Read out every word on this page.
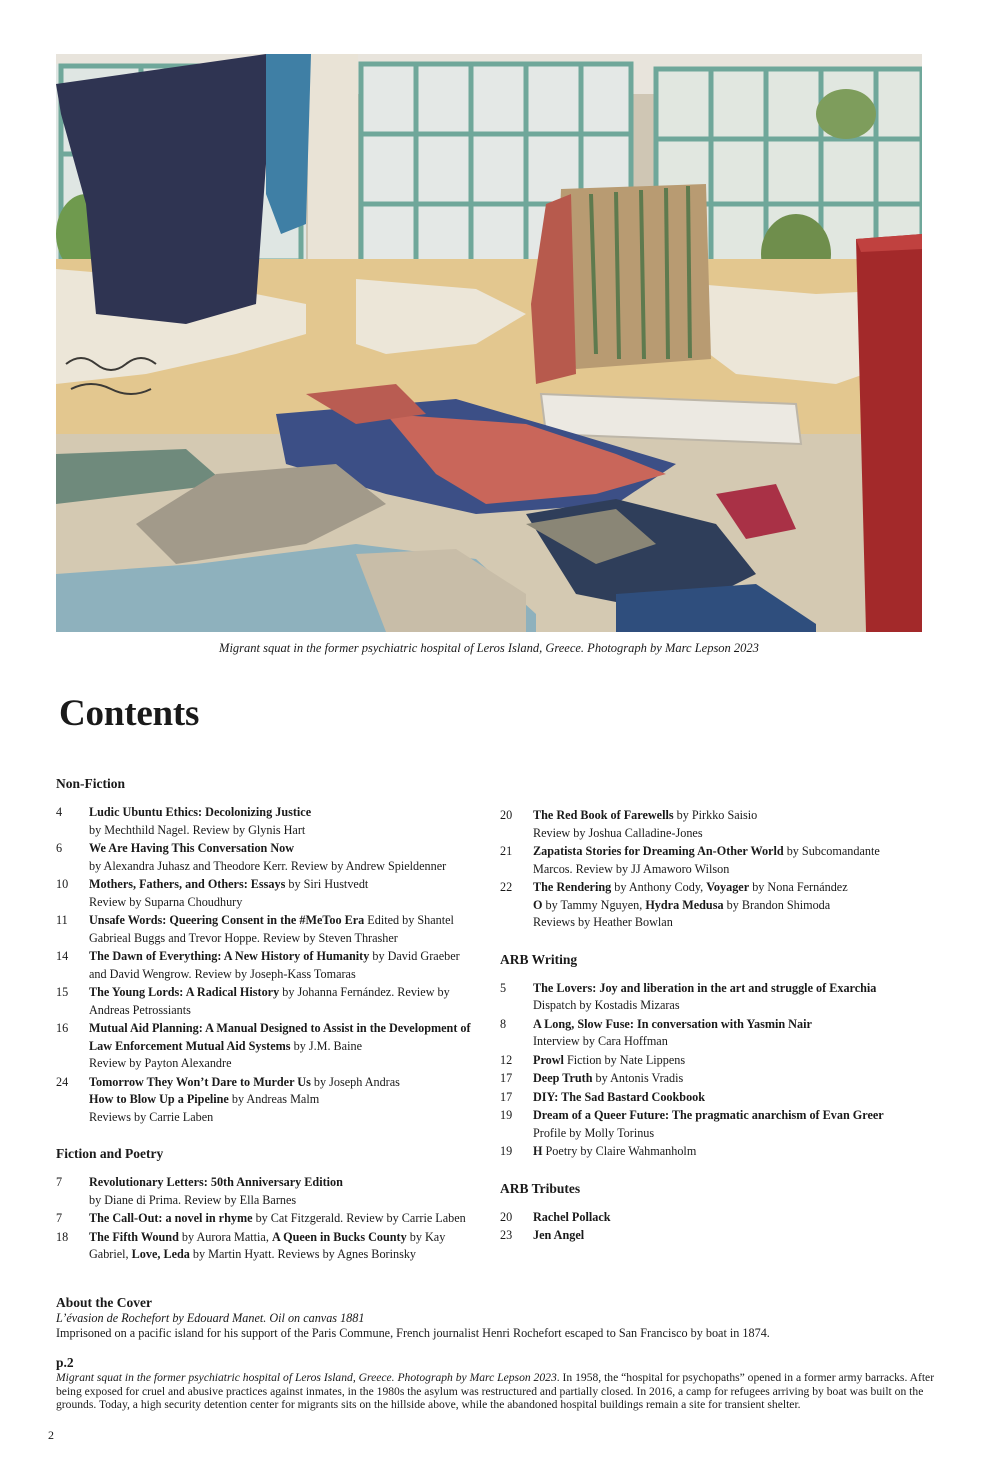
Migrant squat in the former psychiatric hospital of Leros Island, Greece. Photograph by Marc Lepson 2023
Contents
Non-Fiction
4	Ludic Ubuntu Ethics: Decolonizing Justice
by Mechthild Nagel. Review by Glynis Hart
6	We Are Having This Conversation Now
by Alexandra Juhasz and Theodore Kerr. Review by Andrew Spieldenner
10	Mothers, Fathers, and Others: Essays by Siri Hustvedt
Review by Suparna Choudhury
11	Unsafe Words: Queering Consent in the #MeToo Era Edited by Shantel
Gabrieal Buggs and Trevor Hoppe. Review by Steven Thrasher
14	The Dawn of Everything: A New History of Humanity by David Graeber
and David Wengrow. Review by Joseph-Kass Tomaras
15	The Young Lords: A Radical History by Johanna Fernández. Review by
Andreas Petrossiants
16	Mutual Aid Planning: A Manual Designed to Assist in the Development of
Law Enforcement Mutual Aid Systems by J.M. Baine
Review by Payton Alexandre
24	Tomorrow They Won’t Dare to Murder Us by Joseph Andras
How to Blow Up a Pipeline by Andreas Malm
Reviews by Carrie Laben
Fiction and Poetry
7	Revolutionary Letters: 50th Anniversary Edition
by Diane di Prima. Review by Ella Barnes
7	The Call-Out: a novel in rhyme by Cat Fitzgerald. Review by Carrie Laben
18	The Fifth Wound by Aurora Mattia, A Queen in Bucks County by Kay
Gabriel, Love, Leda by Martin Hyatt. Reviews by Agnes Borinsky
20	The Red Book of Farewells by Pirkko Saisio
Review by Joshua Calladine-Jones
21	Zapatista Stories for Dreaming An-Other World by Subcomandante
Marcos. Review by JJ Amaworo Wilson
22	The Rendering by Anthony Cody, Voyager by Nona Fernández
O by Tammy Nguyen, Hydra Medusa by Brandon Shimoda
Reviews by Heather Bowlan
ARB Writing
5	The Lovers: Joy and liberation in the art and struggle of Exarchia
Dispatch by Kostadis Mizaras
8	A Long, Slow Fuse: In conversation with Yasmin Nair
Interview by Cara Hoffman
12	Prowl Fiction by Nate Lippens
17	Deep Truth by Antonis Vradis
17	DIY: The Sad Bastard Cookbook
19	Dream of a Queer Future: The pragmatic anarchism of Evan Greer
Profile by Molly Torinus
19	H Poetry by Claire Wahmanholm
ARB Tributes
20	Rachel Pollack
23	Jen Angel
About the Cover
L’évasion de Rochefort by Edouard Manet. Oil on canvas 1881
Imprisoned on a pacific island for his support of the Paris Commune, French journalist Henri Rochefort escaped to San Francisco by boat in 1874.
p.2
Migrant squat in the former psychiatric hospital of Leros Island, Greece. Photograph by Marc Lepson 2023. In 1958, the “hospital for psychopaths” opened in a former army barracks. After being exposed for cruel and abusive practices against inmates, in the 1980s the asylum was restructured and partially closed. In 2016, a camp for refugees arriving by boat was built on the grounds. Today, a high security detention center for migrants sits on the hillside above, while the abandoned hospital buildings remain a site for transient shelter.
2
